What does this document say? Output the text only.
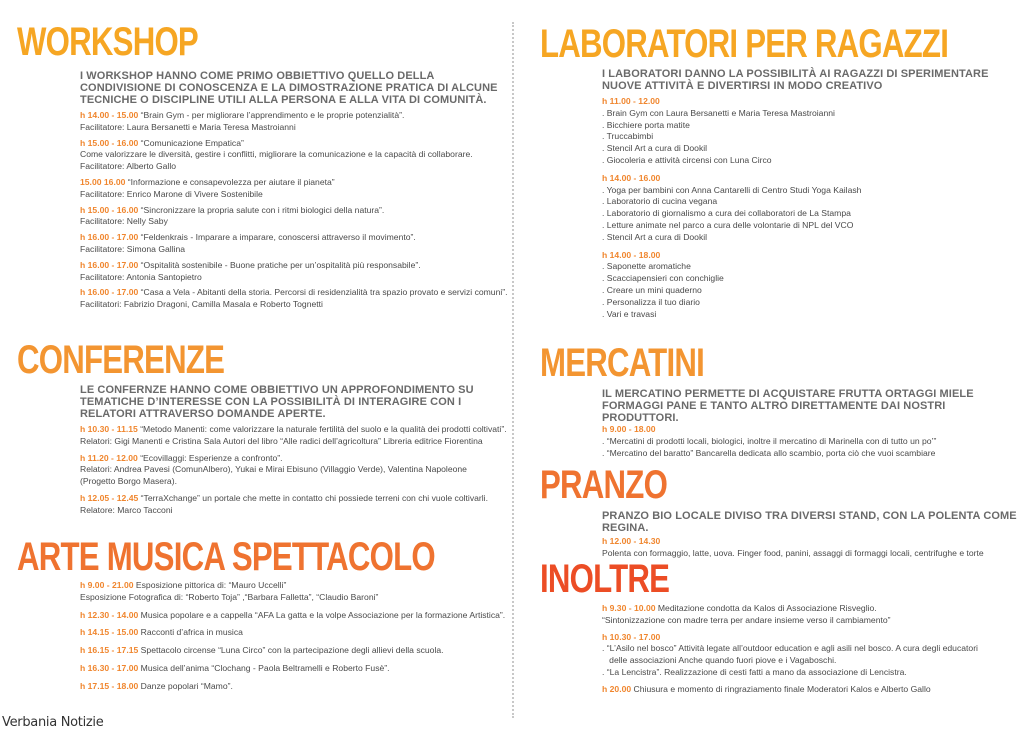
WORKSHOP

I WORKSHOP HANNO COME PRIMO OBBIETTIVO QUELLO DELLA CONDIVISIONE DI CONOSCENZA E LA DIMOSTRAZIONE PRATICA DI ALCUNE TECNICHE O DISCIPLINE UTILI ALLA PERSONA E ALLA VITA DI COMUNITÀ.

h 14.00 - 15.00 “Brain Gym - per migliorare l’apprendimento e le proprie potenzialità”.
Facilitatore: Laura Bersanetti e Maria Teresa Mastroianni
h 15.00 - 16.00 “Comunicazione Empatica”
Come valorizzare le diversità, gestire i conflitti, migliorare la comunicazione e la capacità di collaborare.
Facilitatore: Alberto Gallo
15.00 16.00 “Informazione e consapevolezza per aiutare il pianeta”
Facilitatore: Enrico Marone di Vivere Sostenibile
h 15.00 - 16.00 “Sincronizzare la propria salute con i ritmi biologici della natura”.
Facilitatore: Nelly Saby
h 16.00 - 17.00 “Feldenkrais - Imparare a imparare, conoscersi attraverso il movimento”.
Facilitatore: Simona Gallina
h 16.00 - 17.00 “Ospitalità sostenibile - Buone pratiche per un’ospitalità più responsabile”.
Facilitatore: Antonia Santopietro
h 16.00 - 17.00 “Casa a Vela - Abitanti della storia. Percorsi di residenzialità tra spazio provato e servizi comuni”.
Facilitatori: Fabrizio Dragoni, Camilla Masala e Roberto Tognetti
CONFERENZE

LE CONFERNZE HANNO COME OBBIETTIVO UN APPROFONDIMENTO SU TEMATICHE D’INTERESSE CON LA POSSIBILITÀ DI INTERAGIRE CON I RELATORI ATTRAVERSO DOMANDE APERTE.

h 10.30 - 11.15 “Metodo Manenti: come valorizzare la naturale fertilità del suolo e la qualità dei prodotti coltivati”.
Relatori: Gigi Manenti e Cristina Sala Autori del libro “Alle radici dell’agricoltura” Libreria editrice Fiorentina
h 11.20 - 12.00 “Ecovillaggi: Esperienze a confronto”.
Relatori: Andrea Pavesi (ComunAlbero), Yukai e Mirai Ebisuno (Villaggio Verde), Valentina Napoleone
(Progetto Borgo Masera).
h 12.05 - 12.45 “TerraXchange” un portale che mette in contatto chi possiede terreni con chi vuole coltivarli.
Relatore: Marco Tacconi
ARTE MUSICA SPETTACOLO
h 9.00 - 21.00 Esposizione pittorica di: “Mauro Uccelli”
Esposizione Fotografica di: “Roberto Toja” ,“Barbara Falletta”, “Claudio Baroni”
h 12.30 - 14.00 Musica popolare e a cappella “AFA La gatta e la volpe Associazione per la formazione Artistica”.
h 14.15 - 15.00 Racconti d’africa in musica
h 16.15 - 17.15 Spettacolo circense “Luna Circo” con la partecipazione degli allievi della scuola.
h 16.30 - 17.00 Musica dell’anima “Clochang - Paola Beltramelli e Roberto Fusè”.
h 17.15 - 18.00 Danze popolari “Mamo”.
LABORATORI PER RAGAZZI

I LABORATORI DANNO LA POSSIBILITÀ AI RAGAZZI DI SPERIMENTARE NUOVE ATTIVITÀ E DIVERTIRSI IN MODO CREATIVO

h 11.00 - 12.00
. Brain Gym con Laura Bersanetti e Maria Teresa Mastroianni
. Bicchiere porta matite
. Truccabimbi
. Stencil Art a cura di Dookil
. Giocoleria e attività circensi con Luna Circo
h 14.00 - 16.00
. Yoga per bambini con Anna Cantarelli di Centro Studi Yoga Kailash
. Laboratorio di cucina vegana
. Laboratorio di giornalismo a cura dei collaboratori de La Stampa
. Letture animate nel parco a cura delle volontarie di NPL del VCO
. Stencil Art a cura di Dookil
h 14.00 - 18.00
. Saponette aromatiche
. Scacciapensieri con conchiglie
. Creare un mini quaderno
. Personalizza il tuo diario
. Vari e travasi
MERCATINI

IL MERCATINO PERMETTE DI ACQUISTARE FRUTTA ORTAGGI MIELE FORMAGGI PANE E TANTO ALTRO DIRETTAMENTE DAI NOSTRI PRODUTTORI.

h 9.00 - 18.00
. “Mercatini di prodotti locali, biologici, inoltre il mercatino di Marinella con di tutto un po’”
. “Mercatino del baratto” Bancarella dedicata allo scambio, porta ciò che vuoi scambiare
PRANZO

PRANZO BIO LOCALE DIVISO TRA DIVERSI STAND, CON LA POLENTA COME REGINA.

h 12.00 - 14.30
Polenta con formaggio, latte, uova. Finger food, panini, assaggi di formaggi locali, centrifughe e torte
INOLTRE
h 9.30 - 10.00 Meditazione condotta da Kalos di Associazione Risveglio.
“Sintonizzazione con madre terra per andare insieme verso il cambiamento”
h 10.30 - 17.00
. “L’Asilo nel bosco” Attività legate all’outdoor education e agli asili nel bosco. A cura degli educatori
delle associazioni Anche quando fuori piove e i Vagaboschi.
. “La Lencistra”. Realizzazione di cesti fatti a mano da associazione di Lencistra.
h 20.00 Chiusura e momento di ringraziamento finale Moderatori Kalos e Alberto Gallo
Verbania Notizie
